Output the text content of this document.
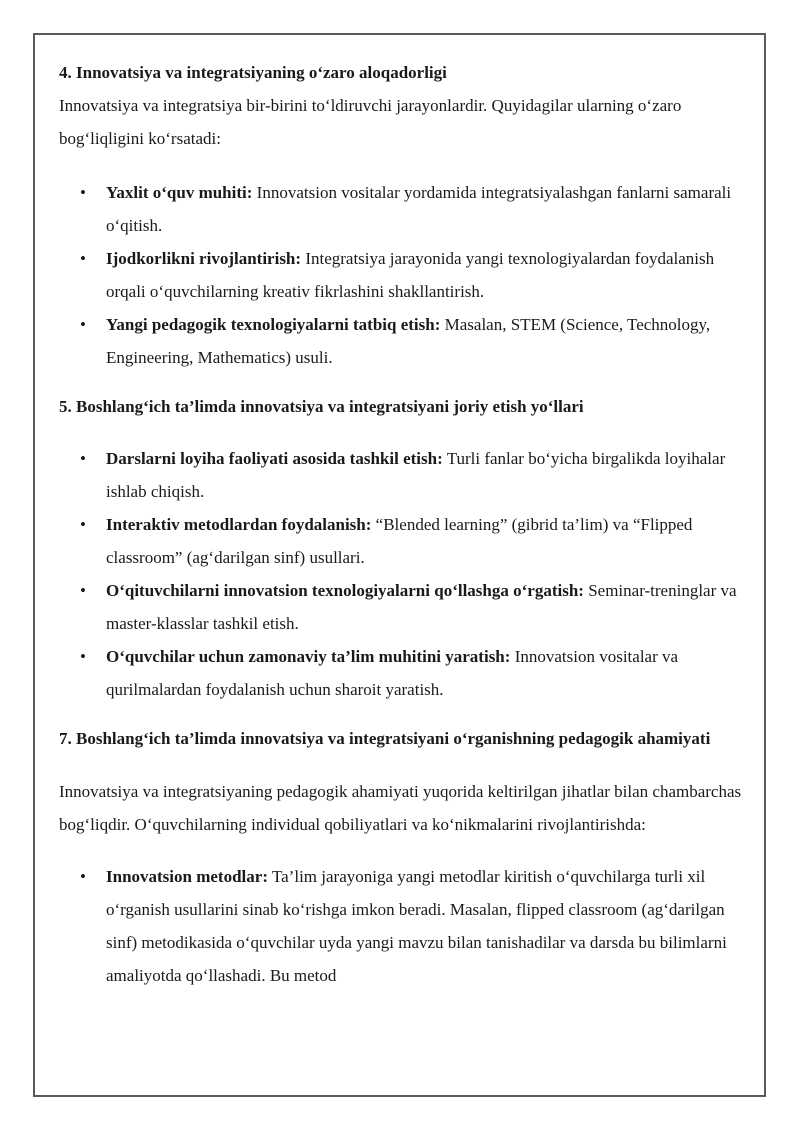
4. Innovatsiya va integratsiyaning o‘zaro aloqadorligi

Innovatsiya va integratsiya bir-birini to‘ldiruvchi jarayonlardir. Quyidagilar ularning o‘zaro bog‘liqligini ko‘rsatadi:

• Yaxlit o‘quv muhiti: Innovatsion vositalar yordamida integratsiyalashgan fanlarni samarali o‘qitish.
• Ijodkorlikni rivojlantirish: Integratsiya jarayonida yangi texnologiyalardan foydalanish orqali o‘quvchilarning kreativ fikrlashini shakllantirish.
• Yangi pedagogik texnologiyalarni tatbiq etish: Masalan, STEM (Science, Technology, Engineering, Mathematics) usuli.

5. Boshlang‘ich ta’limda innovatsiya va integratsiyani joriy etish yo‘llari

• Darslarni loyiha faoliyati asosida tashkil etish: Turli fanlar bo‘yicha birgalikda loyihalar ishlab chiqish.
• Interaktiv metodlardan foydalanish: “Blended learning” (gibrid ta’lim) va “Flipped classroom” (ag‘darilgan sinf) usullari.
• O‘qituvchilarni innovatsion texnologiyalarni qo‘llashga o‘rgatish: Seminar-treninglar va master-klasslar tashkil etish.
• O‘quvchilar uchun zamonaviy ta’lim muhitini yaratish: Innovatsion vositalar va qurilmalardan foydalanish uchun sharoit yaratish.

7. Boshlang‘ich ta’limda innovatsiya va integratsiyani o‘rganishning pedagogik ahamiyati

Innovatsiya va integratsiyaning pedagogik ahamiyati yuqorida keltirilgan jihatlar bilan chambarchas bog‘liqdir. O‘quvchilarning individual qobiliyatlari va ko‘nikmalarini rivojlantirishda:

• Innovatsion metodlar: Ta’lim jarayoniga yangi metodlar kiritish o‘quvchilarga turli xil o‘rganish usullarini sinab ko‘rishga imkon beradi. Masalan, flipped classroom (ag‘darilgan sinf) metodikasida o‘quvchilar uyda yangi mavzu bilan tanishadilar va darsda bu bilimlarni amaliyotda qo‘llashadi. Bu metod
